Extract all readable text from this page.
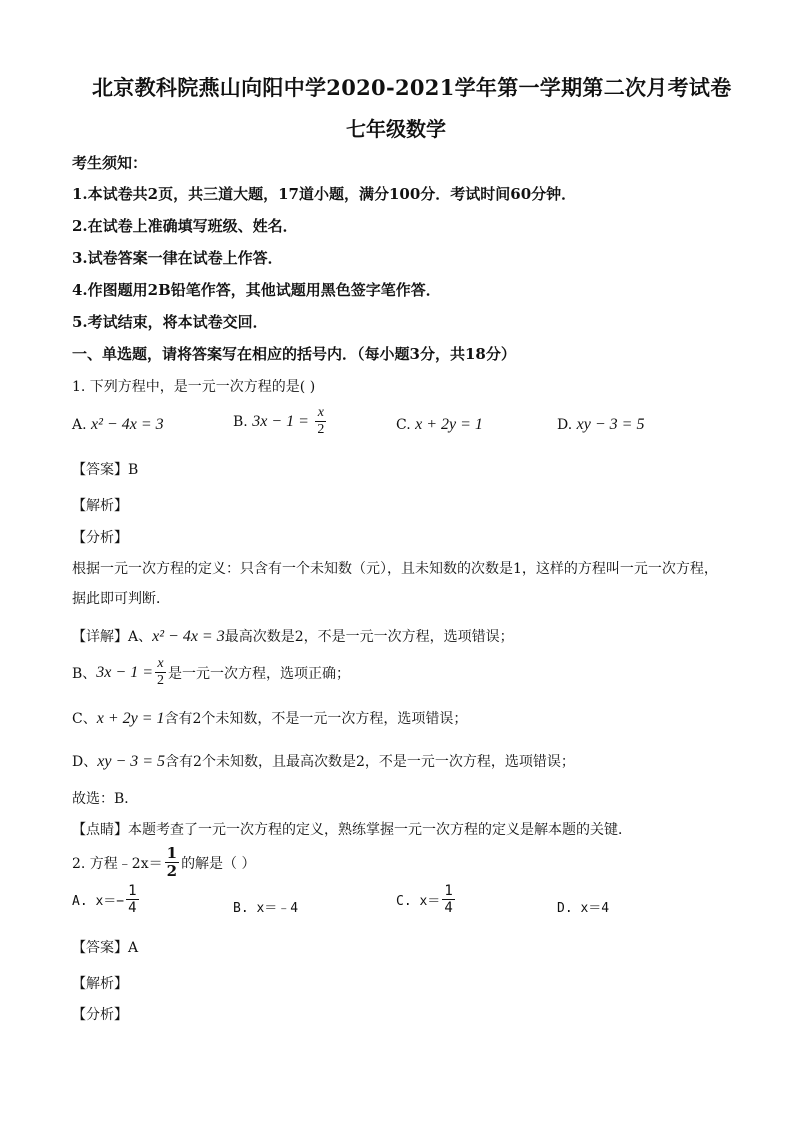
北京教科院燕山向阳中学2020-2021学年第一学期第二次月考试卷
七年级数学
考生须知：
1.本试卷共2页，共三道大题，17道小题，满分100分．考试时间60分钟．
2.在试卷上准确填写班级、姓名．
3.试卷答案一律在试卷上作答．
4.作图题用2B铅笔作答，其他试题用黑色签字笔作答．
5.考试结束，将本试卷交回．
一、单选题，请将答案写在相应的括号内．（每小题3分，共18分）
1. 下列方程中，是一元一次方程的是( )
A. x² − 4x = 3	B. $3x - 1 = \frac{x}{2}$	C. x + 2y = 1	D. xy − 3 = 5
【答案】B
【解析】
【分析】
根据一元一次方程的定义：只含有一个未知数（元），且未知数的次数是1，这样的方程叫一元一次方程，
据此即可判断．
【详解】A、x² − 4x = 3最高次数是2，不是一元一次方程，选项错误；
B、$3x - 1 = \frac{x}{2}$ 是一元一次方程，选项正确；
C、x + 2y = 1含有2个未知数，不是一元一次方程，选项错误；
D、xy − 3 = 5含有2个未知数，且最高次数是2，不是一元一次方程，选项错误；
故选：B．
【点睛】本题考查了一元一次方程的定义，熟练掌握一元一次方程的定义是解本题的关键．
2. 方程﹣2x＝ $\frac{1}{2}$ 的解是（ ）
A. $x=- \frac{1}{4}$	B. x＝﹣4	C. $x= \frac{1}{4}$	D. x＝4
【答案】A
【解析】
【分析】
